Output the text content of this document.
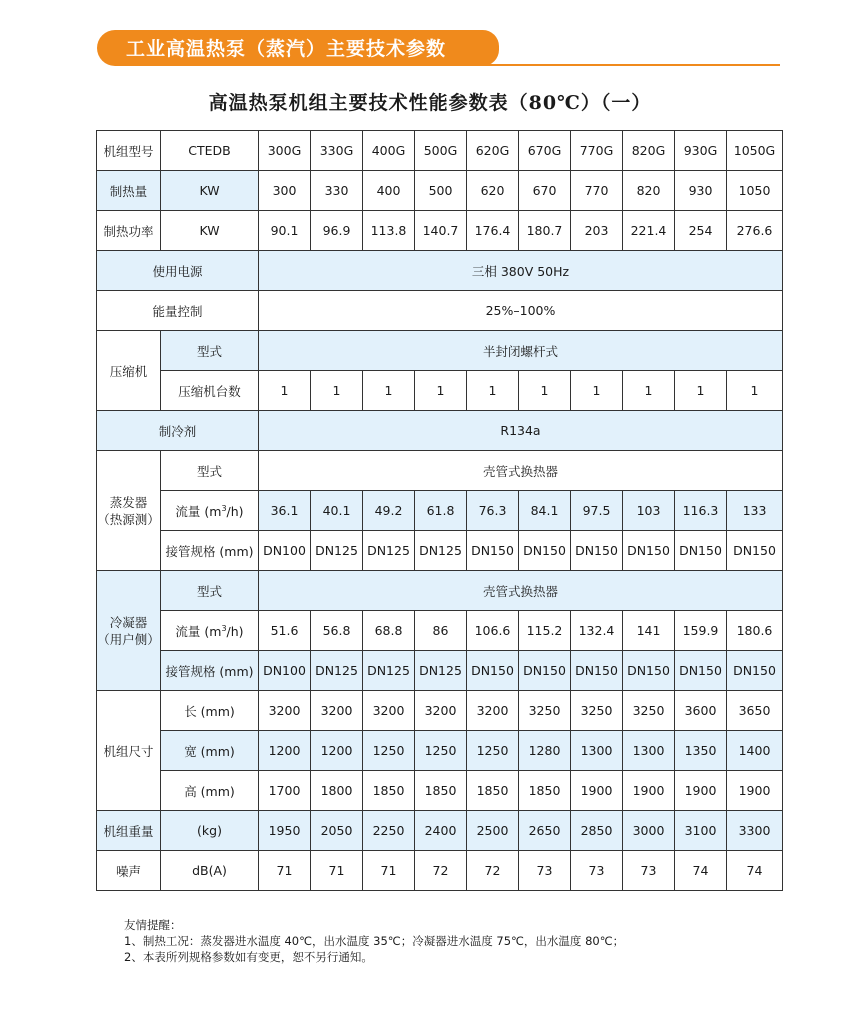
工业高温热泵（蒸汽）主要技术参数
高温热泵机组主要技术性能参数表（80℃）（一）
机组型号	CTEDB	300G	330G	400G	500G	620G	670G	770G	820G	930G	1050G
制热量	KW	300	330	400	500	620	670	770	820	930	1050
制热功率	KW	90.1	96.9	113.8	140.7	176.4	180.7	203	221.4	254	276.6
使用电源		三相 380V 50Hz									
能量控制		25%–100%									
压缩机	型式	半封闭螺杆式									
	压缩机台数	1	1	1	1	1	1	1	1	1	1
制冷剂		R134a									

蒸发器
（热源测）	型式	壳管式换热器									
	流量 $(m^3/h)$	36.1	40.1	49.2	61.8	76.3	84.1	97.5	103	116.3	133
	接管规格 (mm)	DN100	DN125	DN125	DN125	DN150	DN150	DN150	DN150	DN150	DN150

冷凝器
（用户侧）	型式	壳管式换热器									
	流量 $(m^3/h)$	51.6	56.8	68.8	86	106.6	115.2	132.4	141	159.9	180.6
	接管规格 (mm)	DN100	DN125	DN125	DN125	DN150	DN150	DN150	DN150	DN150	DN150
机组尺寸	长 (mm)	3200	3200	3200	3200	3200	3250	3250	3250	3600	3650
	宽 (mm)	1200	1200	1250	1250	1250	1280	1300	1300	1350	1400
	高 (mm)	1700	1800	1850	1850	1850	1850	1900	1900	1900	1900
机组重量	(kg)	1950	2050	2250	2400	2500	2650	2850	3000	3100	3300
噪声	dB(A)	71	71	71	72	72	73	73	73	74	74
友情提醒：
1、制热工况：蒸发器进水温度 40℃，出水温度 35℃；冷凝器进水温度 75℃，出水温度 80℃；
2、本表所列规格参数如有变更，恕不另行通知。
